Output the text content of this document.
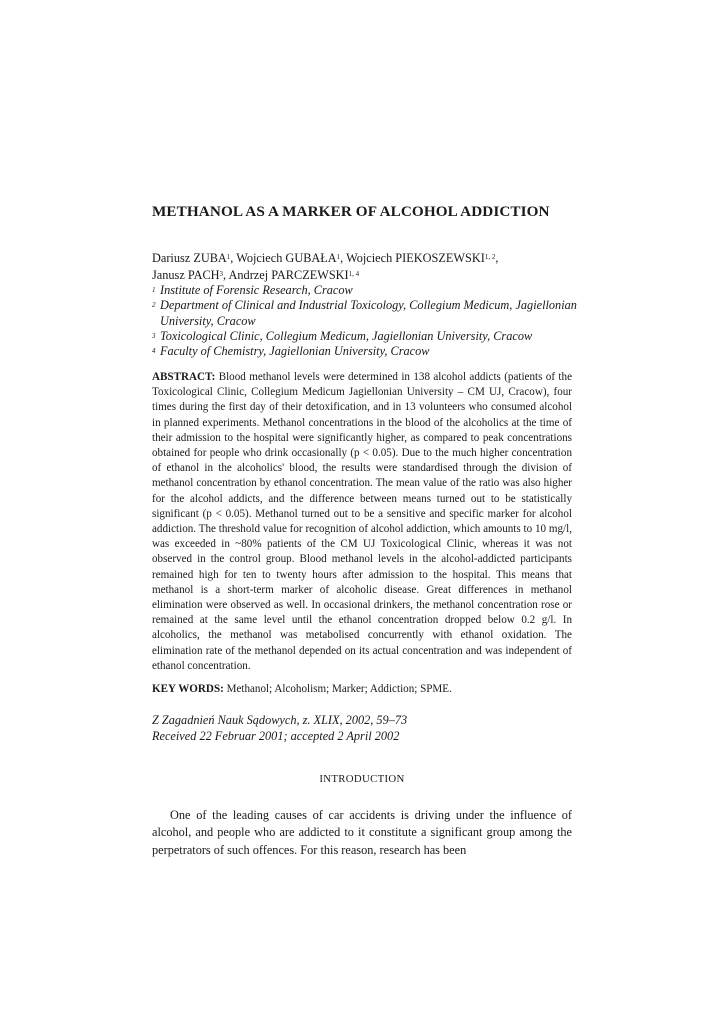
METHANOL AS A MARKER OF ALCOHOL ADDICTION
Dariusz ZUBA$^1$, Wojciech GUBAŁA$^1$, Wojciech PIEKOSZEWSKI$^{1, 2}$,
Janusz PACH$^3$, Andrzej PARCZEWSKI$^{1, 4}$
1 Institute of Forensic Research, Cracow
2 Department of Clinical and Industrial Toxicology, Collegium Medicum, Jagiellonian University, Cracow
3 Toxicological Clinic, Collegium Medicum, Jagiellonian University, Cracow
4 Faculty of Chemistry, Jagiellonian University, Cracow

ABSTRACT: Blood methanol levels were determined in 138 alcohol addicts (patients of the Toxicological Clinic, Collegium Medicum Jagiellonian University – CM UJ, Cracow), four times during the first day of their detoxification, and in 13 volunteers who consumed alcohol in planned experiments. Methanol concentrations in the blood of the alcoholics at the time of their admission to the hospital were significantly higher, as compared to peak concentrations obtained for people who drink occasionally (p < 0.05). Due to the much higher concentration of ethanol in the alcoholics' blood, the results were standardised through the division of methanol concentration by ethanol concentration. The mean value of the ratio was also higher for the alcohol addicts, and the difference between means turned out to be statistically significant (p < 0.05). Methanol turned out to be a sensitive and specific marker for alcohol addiction. The threshold value for recognition of alcohol addiction, which amounts to 10 mg/l, was exceeded in ~80% patients of the CM UJ Toxicological Clinic, whereas it was not observed in the control group. Blood methanol levels in the alcohol-addicted participants remained high for ten to twenty hours after admission to the hospital. This means that methanol is a short-term marker of alcoholic disease. Great differences in methanol elimination were observed as well. In occasional drinkers, the methanol concentration rose or remained at the same level until the ethanol concentration dropped below 0.2 g/l. In alcoholics, the methanol was metabolised concurrently with ethanol oxidation. The elimination rate of the methanol depended on its actual concentration and was independent of ethanol concentration.

KEY WORDS: Methanol; Alcoholism; Marker; Addiction; SPME.

Z Zagadnień Nauk Sądowych, z. XLIX, 2002, 59–73
Received 22 Februar 2001; accepted 2 April 2002
INTRODUCTION

One of the leading causes of car accidents is driving under the influence of alcohol, and people who are addicted to it constitute a significant group among the perpetrators of such offences. For this reason, research has been
